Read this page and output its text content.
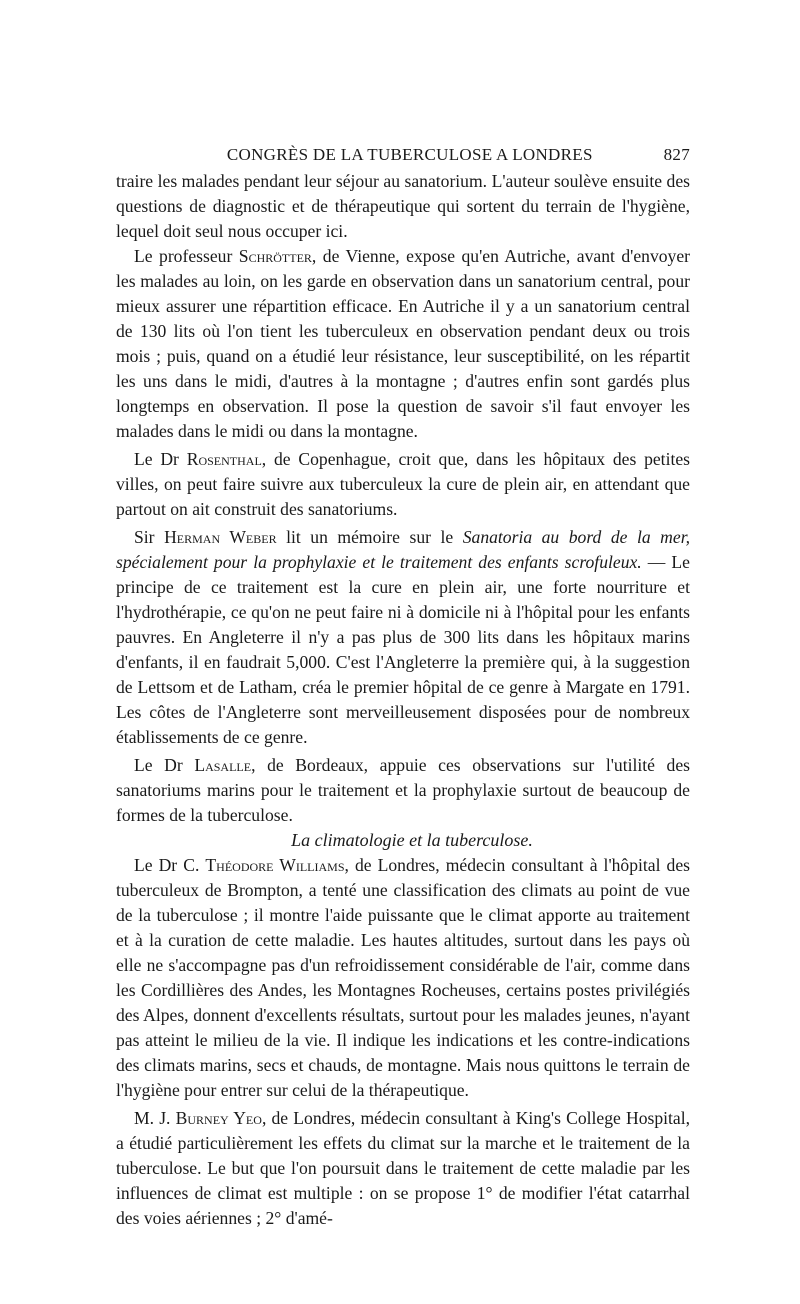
CONGRÈS DE LA TUBERCULOSE A LONDRES	827

traire les malades pendant leur séjour au sanatorium. L'auteur soulève ensuite des questions de diagnostic et de thérapeutique qui sortent du terrain de l'hygiène, lequel doit seul nous occuper ici.

Le professeur Schrötter, de Vienne, expose qu'en Autriche, avant d'envoyer les malades au loin, on les garde en observation dans un sanatorium central, pour mieux assurer une répartition efficace. En Autriche il y a un sanatorium central de 130 lits où l'on tient les tuberculeux en observation pendant deux ou trois mois ; puis, quand on a étudié leur résistance, leur susceptibilité, on les répartit les uns dans le midi, d'autres à la montagne ; d'autres enfin sont gardés plus longtemps en observation. Il pose la question de savoir s'il faut envoyer les malades dans le midi ou dans la montagne.

Le Dr Rosenthal, de Copenhague, croit que, dans les hôpitaux des petites villes, on peut faire suivre aux tuberculeux la cure de plein air, en attendant que partout on ait construit des sanatoriums.

Sir Herman Weber lit un mémoire sur le Sanatoria au bord de la mer, spécialement pour la prophylaxie et le traitement des enfants scrofuleux. — Le principe de ce traitement est la cure en plein air, une forte nourriture et l'hydrothérapie, ce qu'on ne peut faire ni à domicile ni à l'hôpital pour les enfants pauvres. En Angleterre il n'y a pas plus de 300 lits dans les hôpitaux marins d'enfants, il en faudrait 5,000. C'est l'Angleterre la première qui, à la suggestion de Lettsom et de Latham, créa le premier hôpital de ce genre à Margate en 1791. Les côtes de l'Angleterre sont merveilleusement disposées pour de nombreux établissements de ce genre.

Le Dr Lasalle, de Bordeaux, appuie ces observations sur l'utilité des sanatoriums marins pour le traitement et la prophylaxie surtout de beaucoup de formes de la tuberculose.

La climatologie et la tuberculose.

Le Dr C. Théodore Williams, de Londres, médecin consultant à l'hôpital des tuberculeux de Brompton, a tenté une classification des climats au point de vue de la tuberculose ; il montre l'aide puissante que le climat apporte au traitement et à la curation de cette maladie. Les hautes altitudes, surtout dans les pays où elle ne s'accompagne pas d'un refroidissement considérable de l'air, comme dans les Cordillières des Andes, les Montagnes Rocheuses, certains postes privilégiés des Alpes, donnent d'excellents résultats, surtout pour les malades jeunes, n'ayant pas atteint le milieu de la vie. Il indique les indications et les contre-indications des climats marins, secs et chauds, de montagne. Mais nous quittons le terrain de l'hygiène pour entrer sur celui de la thérapeutique.

M. J. Burney Yeo, de Londres, médecin consultant à King's College Hospital, a étudié particulièrement les effets du climat sur la marche et le traitement de la tuberculose. Le but que l'on poursuit dans le traitement de cette maladie par les influences de climat est multiple : on se propose 1° de modifier l'état catarrhal des voies aériennes ; 2° d'amé-
